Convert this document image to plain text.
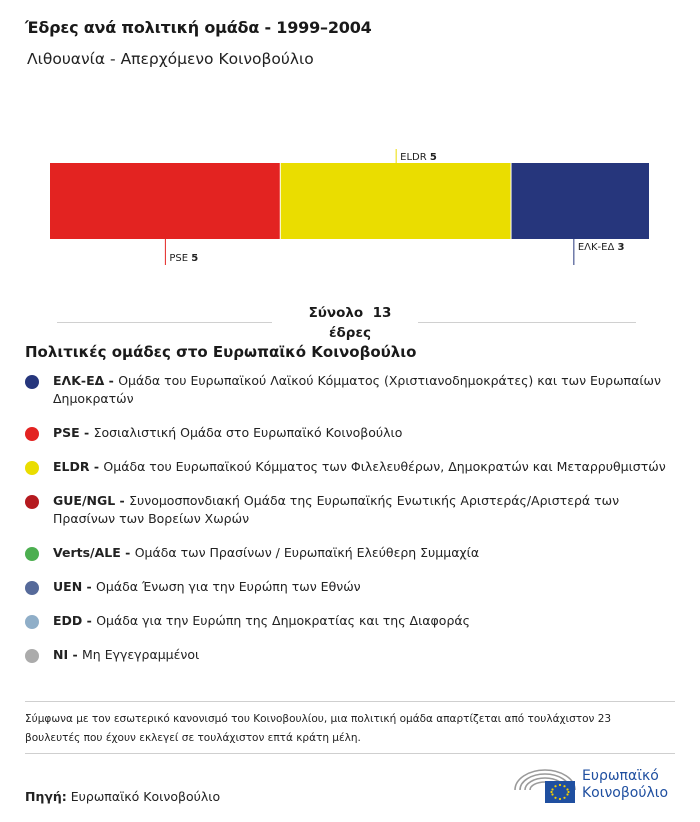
Έδρες ανά πολιτική ομάδα - 1999–2004
Λιθουανία - Απερχόμενο Κοινοβούλιο
PSE 5
ELDR 5
ΕΛΚ-ΕΔ 3
Σύνολο 13
έδρες
Πολιτικές ομάδες στο Ευρωπαϊκό Κοινοβούλιο
ΕΛΚ-ΕΔ - Ομάδα του Ευρωπαϊκού Λαϊκού Κόμματος (Χριστιανοδημοκράτες) και των Ευρωπαίων Δημοκρατών
PSE - Σοσιαλιστική Ομάδα στο Ευρωπαϊκό Κοινοβούλιο
ELDR - Ομάδα του Ευρωπαϊκού Κόμματος των Φιλελευθέρων, Δημοκρατών και Μεταρρυθμιστών
GUE/NGL - Συνομοσπονδιακή Ομάδα της Ευρωπαϊκής Ενωτικής Αριστεράς/Αριστερά των Πρασίνων των Βορείων Χωρών
Verts/ALE - Ομάδα των Πρασίνων / Ευρωπαϊκή Ελεύθερη Συμμαχία
UEN - Ομάδα Ένωση για την Ευρώπη των Εθνών
EDD - Ομάδα για την Ευρώπη της Δημοκρατίας και της Διαφοράς
NI - Μη Εγγεγραμμένοι
Σύμφωνα με τον εσωτερικό κανονισμό του Κοινοβουλίου, μια πολιτική ομάδα απαρτίζεται από τουλάχιστον 23 βουλευτές που έχουν εκλεγεί σε τουλάχιστον επτά κράτη μέλη.
Πηγή: Ευρωπαϊκό Κοινοβούλιο
Ευρωπαϊκό
Κοινοβούλιο
